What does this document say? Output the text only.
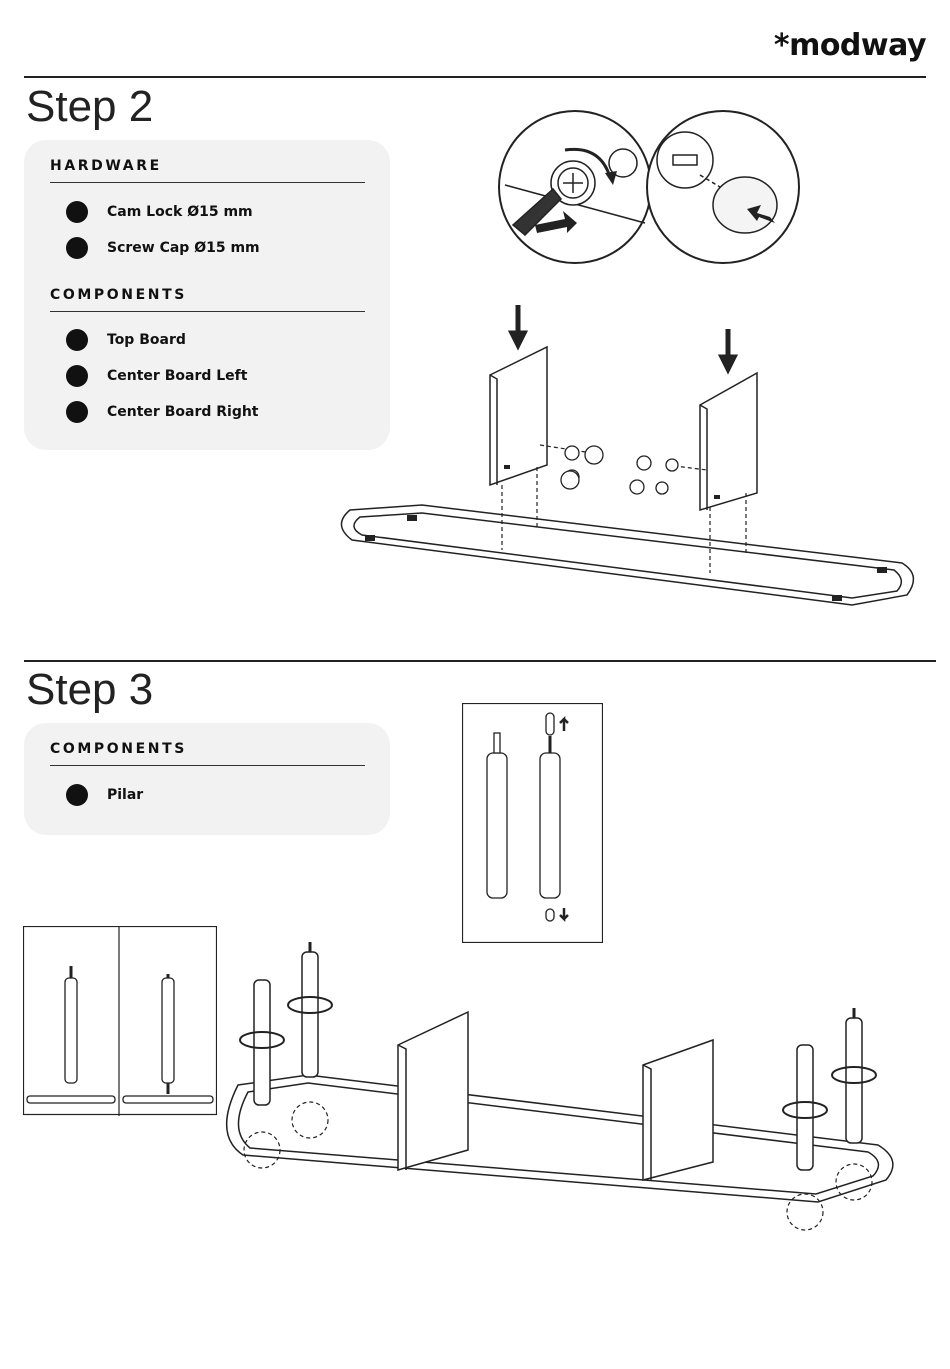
*modway
Step 2
HARDWARE
Cam Lock Ø15 mm
Screw Cap Ø15 mm
COMPONENTS
Top Board
Center Board Left
Center Board Right
Step 3
COMPONENTS
Pilar
